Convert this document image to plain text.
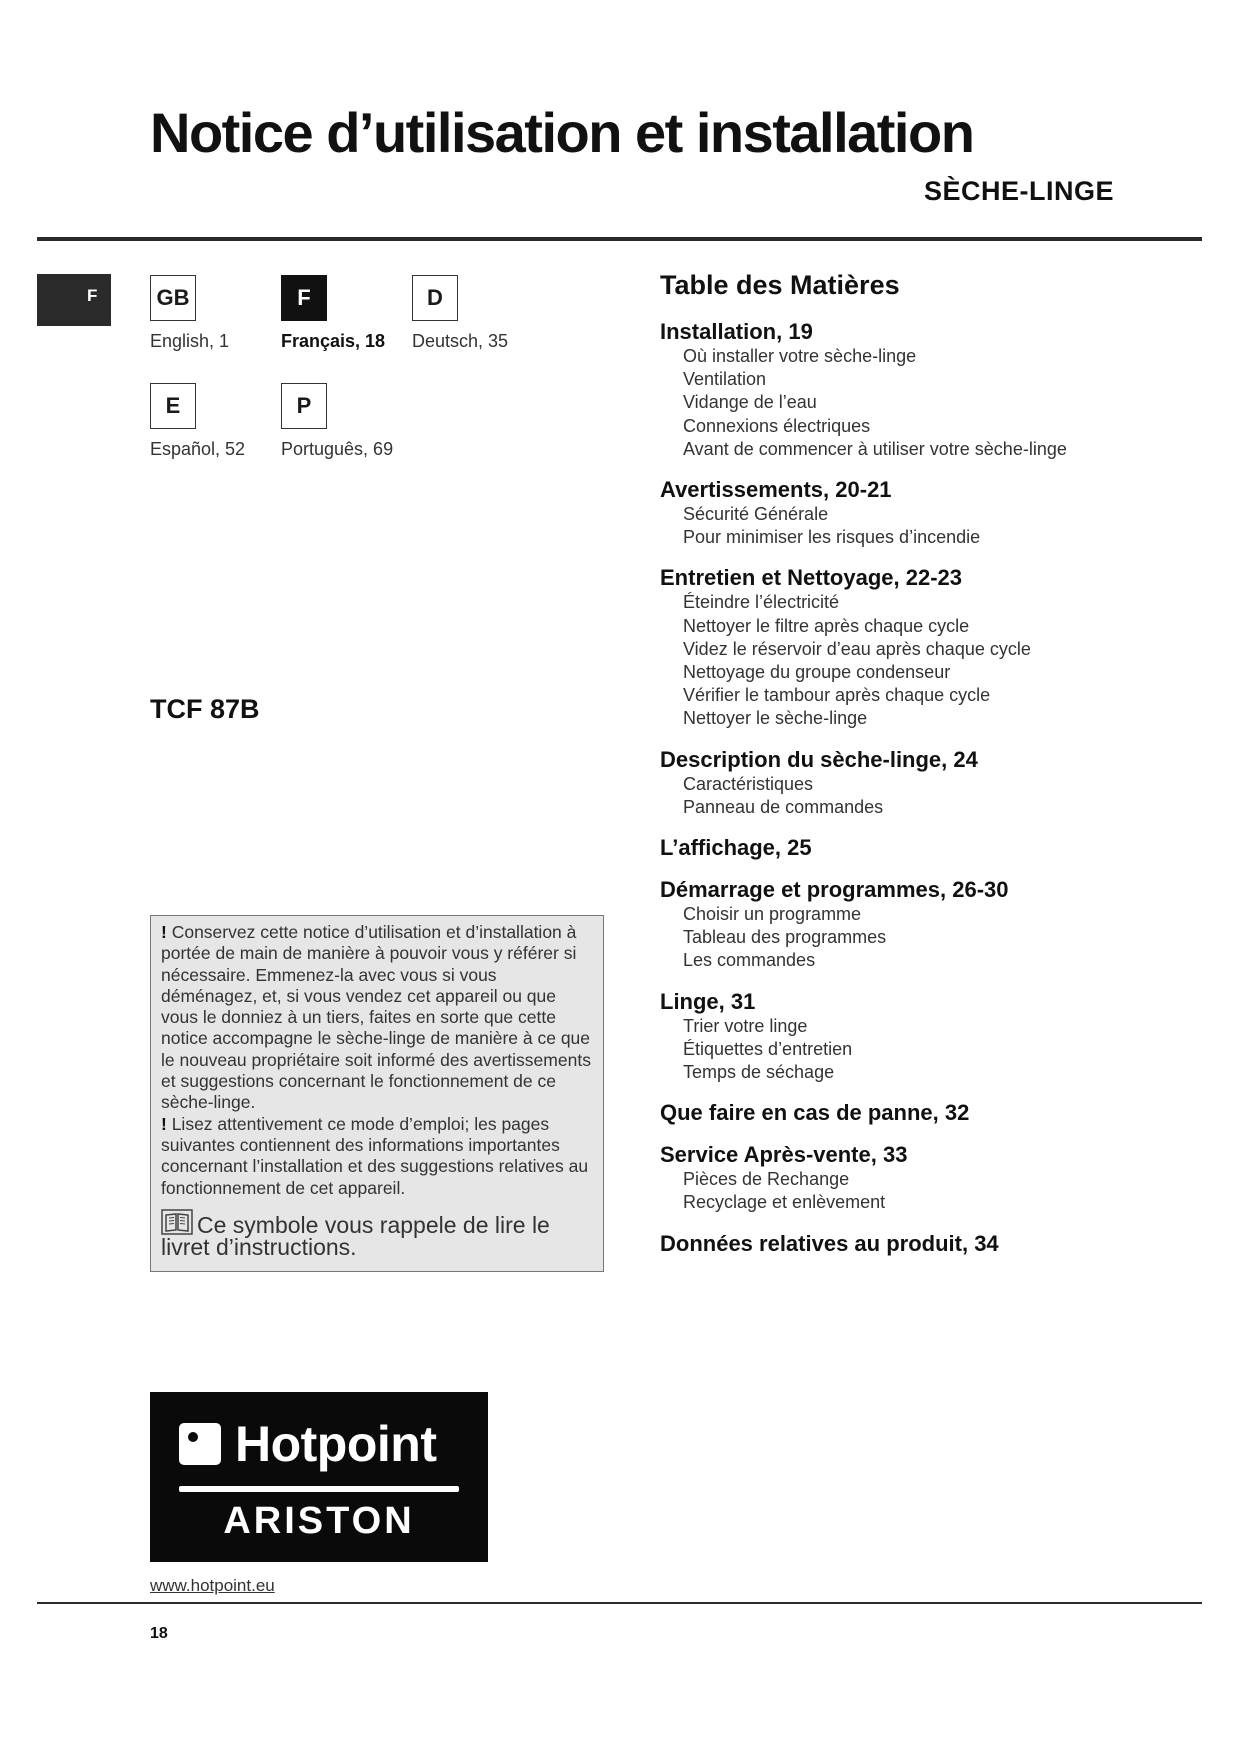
Notice d’utilisation et installation
SÈCHE-LINGE
F	GB
English, 1
F
Français, 18
D
Deutsch, 35
E
Español, 52
P
Português, 69
TCF 87B

! Conservez cette notice d’utilisation et d’installation à portée de main de manière à pouvoir vous y référer si nécessaire. Emmenez-la avec vous si vous déménagez, et, si vous vendez cet appareil ou que vous le donniez à un tiers, faites en sorte que cette notice accompagne le sèche-linge de manière à ce que le nouveau propriétaire soit informé des avertissements et suggestions concernant le fonctionnement de ce sèche-linge.

! Lisez attentivement ce mode d’emploi; les pages suivantes contiennent des informations importantes concernant l’installation et des suggestions relatives au fonctionnement de cet appareil.

Ce symbole vous rappele de lire le livret d’instructions.
Table des Matières
Installation, 19
Où installer votre sèche-linge
Ventilation
Vidange de l’eau
Connexions électriques
Avant de commencer à utiliser votre sèche-linge
Avertissements, 20-21
Sécurité Générale
Pour minimiser les risques d’incendie
Entretien et Nettoyage, 22-23
Éteindre l’électricité
Nettoyer le filtre après chaque cycle
Videz le réservoir d’eau après chaque cycle
Nettoyage du groupe condenseur
Vérifier le tambour après chaque cycle
Nettoyer le sèche-linge
Description du sèche-linge, 24
Caractéristiques
Panneau de commandes
L’affichage, 25
Démarrage et programmes, 26-30
Choisir un programme
Tableau des programmes
Les commandes
Linge, 31
Trier votre linge
Étiquettes d’entretien
Temps de séchage
Que faire en cas de panne, 32
Service Après-vente, 33
Pièces de Rechange
Recyclage et enlèvement
Données relatives au produit, 34
Hotpoint
ARISTON
www.hotpoint.eu
18
